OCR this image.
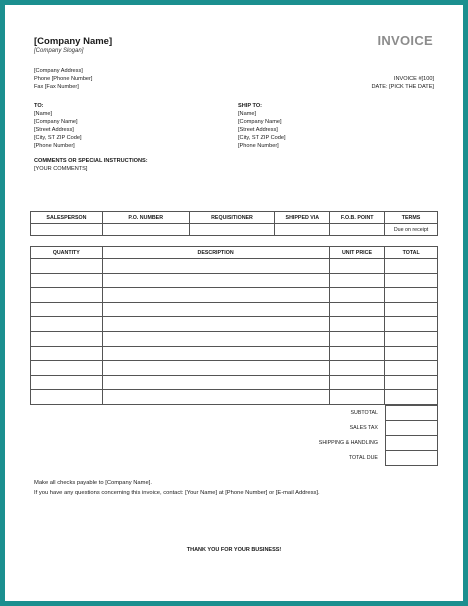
[Company Name]
[Company Slogan]
INVOICE
[Company Address]
Phone [Phone Number]
Fax [Fax Number]
INVOICE #[100]
DATE: [PICK THE DATE]
TO:
[Name]
[Company Name]
[Street Address]
[City, ST ZIP Code]
[Phone Number]
SHIP TO:
[Name]
[Company Name]
[Street Address]
[City, ST ZIP Code]
[Phone Number]
COMMENTS OR SPECIAL INSTRUCTIONS:
[YOUR COMMENTS]
SALESPERSON	P.O. NUMBER	REQUISITIONER	SHIPPED VIA	F.O.B. POINT	TERMS
					Due on receipt
QUANTITY	DESCRIPTION	UNIT PRICE	TOTAL

SUBTOTAL	
SALES TAX	
SHIPPING & HANDLING	
TOTAL DUE	
Make all checks payable to [Company Name].
If you have any questions concerning this invoice, contact: [Your Name] at [Phone Number] or [E-mail Address].
THANK YOU FOR YOUR BUSINESS!
